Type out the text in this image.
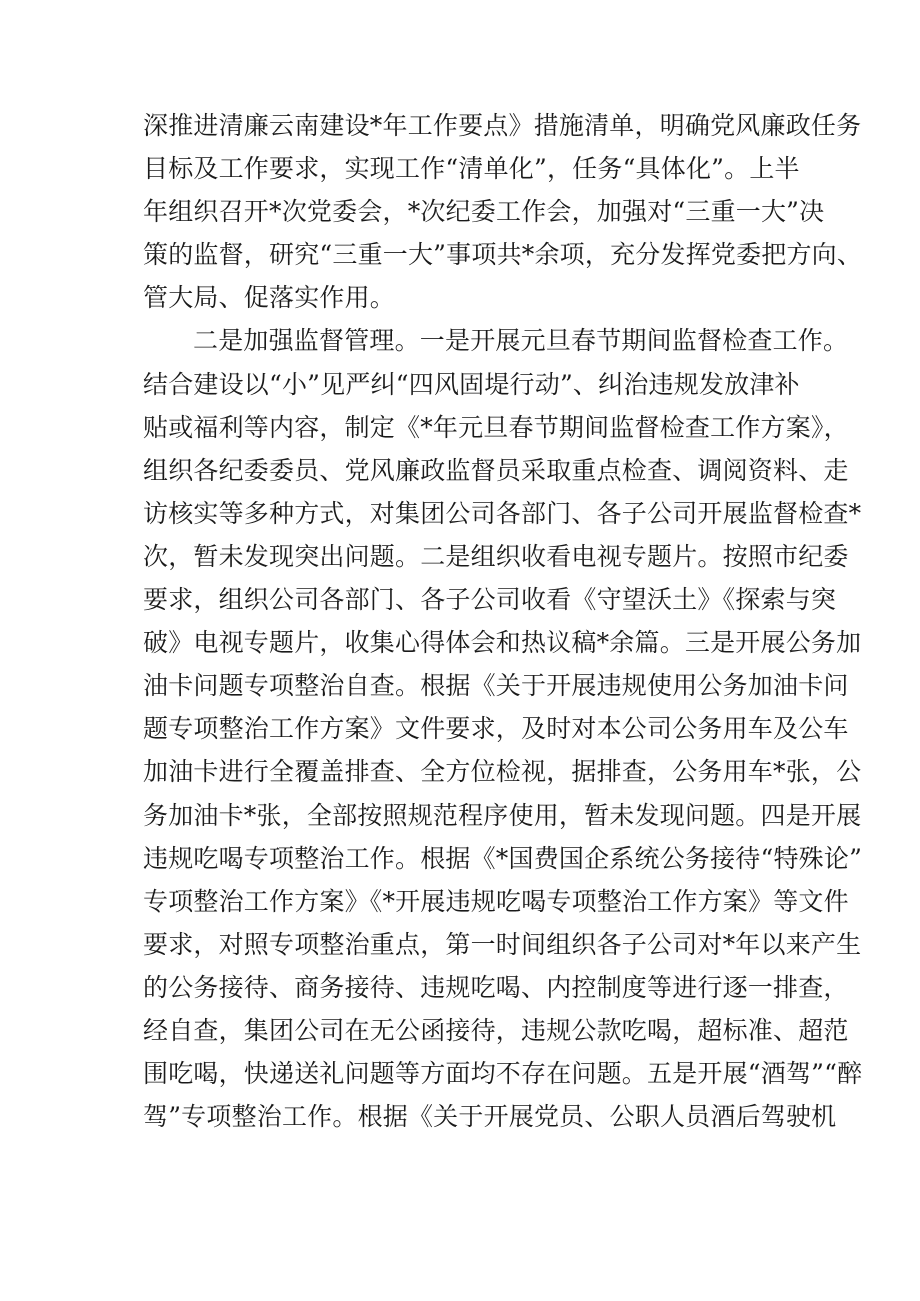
深推进清廉云南建设*年工作要点》措施清单，明确党风廉政任务
目标及工作要求，实现工作“清单化”，任务“具体化”。上半
年组织召开*次党委会，*次纪委工作会，加强对“三重一大”决
策的监督，研究“三重一大”事项共*余项，充分发挥党委把方向、
管大局、促落实作用。
二是加强监督管理。一是开展元旦春节期间监督检查工作。
结合建设以“小”见严纠“四风固堤行动”、纠治违规发放津补
贴或福利等内容，制定《*年元旦春节期间监督检查工作方案》，
组织各纪委委员、党风廉政监督员采取重点检查、调阅资料、走
访核实等多种方式，对集团公司各部门、各子公司开展监督检查*
次，暂未发现突出问题。二是组织收看电视专题片。按照市纪委
要求，组织公司各部门、各子公司收看《守望沃土》《探索与突
破》电视专题片，收集心得体会和热议稿*余篇。三是开展公务加
油卡问题专项整治自查。根据《关于开展违规使用公务加油卡问
题专项整治工作方案》文件要求，及时对本公司公务用车及公车
加油卡进行全覆盖排查、全方位检视，据排查，公务用车*张，公
务加油卡*张，全部按照规范程序使用，暂未发现问题。四是开展
违规吃喝专项整治工作。根据《*国费国企系统公务接待“特殊论”
专项整治工作方案》《*开展违规吃喝专项整治工作方案》等文件
要求，对照专项整治重点，第一时间组织各子公司对*年以来产生
的公务接待、商务接待、违规吃喝、内控制度等进行逐一排查，
经自查，集团公司在无公函接待，违规公款吃喝，超标准、超范
围吃喝，快递送礼问题等方面均不存在问题。五是开展“酒驾”“醉
驾”专项整治工作。根据《关于开展党员、公职人员酒后驾驶机
